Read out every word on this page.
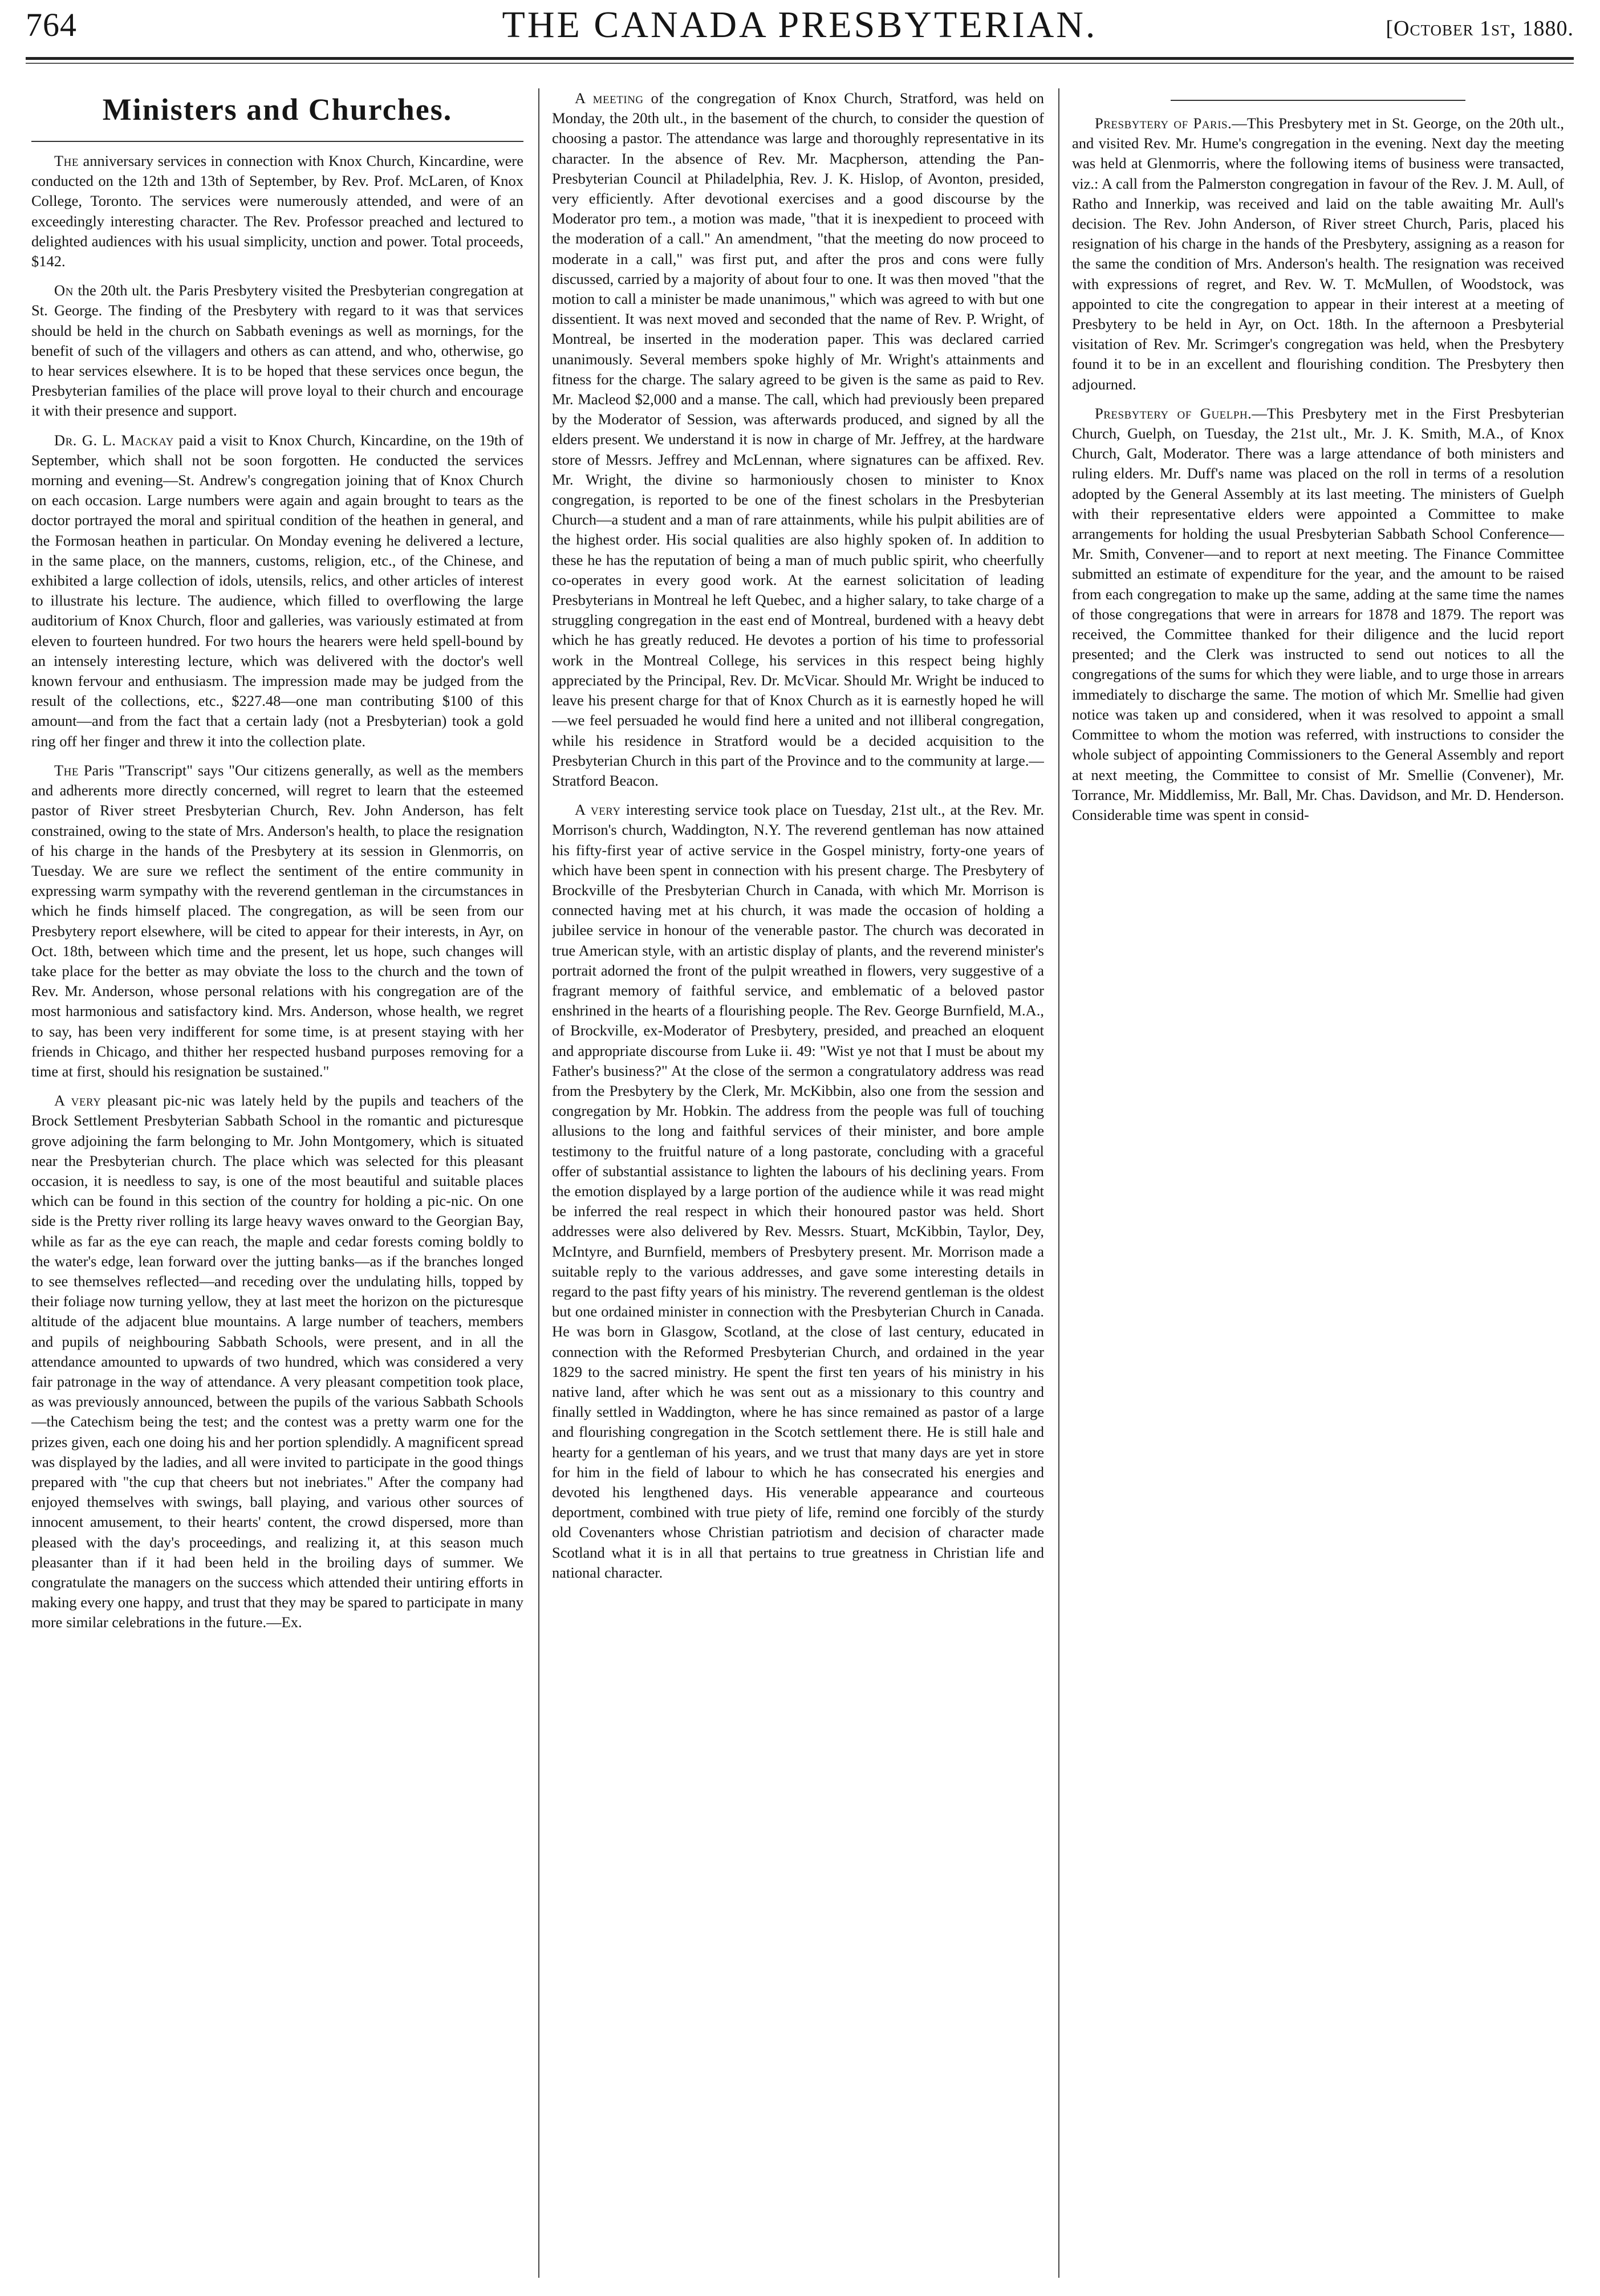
764	THE CANADA PRESBYTERIAN.	[October 1st, 1880.
Ministers and Churches.

The anniversary services in connection with Knox Church, Kincardine, were conducted on the 12th and 13th of September, by Rev. Prof. McLaren, of Knox College, Toronto. The services were numerously attended, and were of an exceedingly interesting character. The Rev. Professor preached and lectured to delighted audiences with his usual simplicity, unction and power. Total proceeds, $142.

On the 20th ult. the Paris Presbytery visited the Presbyterian congregation at St. George. The finding of the Presbytery with regard to it was that services should be held in the church on Sabbath evenings as well as mornings, for the benefit of such of the villagers and others as can attend, and who, otherwise, go to hear services elsewhere. It is to be hoped that these services once begun, the Presbyterian families of the place will prove loyal to their church and encourage it with their presence and support.

Dr. G. L. Mackay paid a visit to Knox Church, Kincardine, on the 19th of September, which shall not be soon forgotten. He conducted the services morning and evening—St. Andrew's congregation joining that of Knox Church on each occasion. Large numbers were again and again brought to tears as the doctor portrayed the moral and spiritual condition of the heathen in general, and the Formosan heathen in particular. On Monday evening he delivered a lecture, in the same place, on the manners, customs, religion, etc., of the Chinese, and exhibited a large collection of idols, utensils, relics, and other articles of interest to illustrate his lecture. The audience, which filled to overflowing the large auditorium of Knox Church, floor and galleries, was variously estimated at from eleven to fourteen hundred. For two hours the hearers were held spell-bound by an intensely interesting lecture, which was delivered with the doctor's well known fervour and enthusiasm. The impression made may be judged from the result of the collections, etc., $227.48—one man contributing $100 of this amount—and from the fact that a certain lady (not a Presbyterian) took a gold ring off her finger and threw it into the collection plate.

The Paris "Transcript" says "Our citizens generally, as well as the members and adherents more directly concerned, will regret to learn that the esteemed pastor of River street Presbyterian Church, Rev. John Anderson, has felt constrained, owing to the state of Mrs. Anderson's health, to place the resignation of his charge in the hands of the Presbytery at its session in Glenmorris, on Tuesday. We are sure we reflect the sentiment of the entire community in expressing warm sympathy with the reverend gentleman in the circumstances in which he finds himself placed. The congregation, as will be seen from our Presbytery report elsewhere, will be cited to appear for their interests, in Ayr, on Oct. 18th, between which time and the present, let us hope, such changes will take place for the better as may obviate the loss to the church and the town of Rev. Mr. Anderson, whose personal relations with his congregation are of the most harmonious and satisfactory kind. Mrs. Anderson, whose health, we regret to say, has been very indifferent for some time, is at present staying with her friends in Chicago, and thither her respected husband purposes removing for a time at first, should his resignation be sustained."

A very pleasant pic-nic was lately held by the pupils and teachers of the Brock Settlement Presbyterian Sabbath School in the romantic and picturesque grove adjoining the farm belonging to Mr. John Montgomery, which is situated near the Presbyterian church. The place which was selected for this pleasant occasion, it is needless to say, is one of the most beautiful and suitable places which can be found in this section of the country for holding a pic-nic. On one side is the Pretty river rolling its large heavy waves onward to the Georgian Bay, while as far as the eye can reach, the maple and cedar forests coming boldly to the water's edge, lean forward over the jutting banks—as if the branches longed to see themselves reflected—and receding over the undulating hills, topped by their foliage now turning yellow, they at last meet the horizon on the picturesque altitude of the adjacent blue mountains. A large number of teachers, members and pupils of neighbouring Sabbath Schools, were present, and in all the attendance amounted to upwards of two hundred, which was considered a very fair patronage in the way of attendance. A very pleasant competition took place, as was previously announced, between the pupils of the various Sabbath Schools—the Catechism being the test; and the contest was a pretty warm one for the prizes given, each one doing his and her portion splendidly. A magnificent spread was displayed by the ladies, and all were invited to participate in the good things prepared with "the cup that cheers but not inebriates." After the company had enjoyed themselves with swings, ball playing, and various other sources of innocent amusement, to their hearts' content, the crowd dispersed, more than pleased with the day's proceedings, and realizing it, at this season much pleasanter than if it had been held in the broiling days of summer. We congratulate the managers on the success which attended their untiring efforts in making every one happy, and trust that they may be spared to participate in many more similar celebrations in the future.—Ex.

A meeting of the congregation of Knox Church, Stratford, was held on Monday, the 20th ult., in the basement of the church, to consider the question of choosing a pastor. The attendance was large and thoroughly representative in its character. In the absence of Rev. Mr. Macpherson, attending the Pan-Presbyterian Council at Philadelphia, Rev. J. K. Hislop, of Avonton, presided, very efficiently. After devotional exercises and a good discourse by the Moderator pro tem., a motion was made, "that it is inexpedient to proceed with the moderation of a call." An amendment, "that the meeting do now proceed to moderate in a call," was first put, and after the pros and cons were fully discussed, carried by a majority of about four to one. It was then moved "that the motion to call a minister be made unanimous," which was agreed to with but one dissentient. It was next moved and seconded that the name of Rev. P. Wright, of Montreal, be inserted in the moderation paper. This was declared carried unanimously. Several members spoke highly of Mr. Wright's attainments and fitness for the charge. The salary agreed to be given is the same as paid to Rev. Mr. Macleod $2,000 and a manse. The call, which had previously been prepared by the Moderator of Session, was afterwards produced, and signed by all the elders present. We understand it is now in charge of Mr. Jeffrey, at the hardware store of Messrs. Jeffrey and McLennan, where signatures can be affixed. Rev. Mr. Wright, the divine so harmoniously chosen to minister to Knox congregation, is reported to be one of the finest scholars in the Presbyterian Church—a student and a man of rare attainments, while his pulpit abilities are of the highest order. His social qualities are also highly spoken of. In addition to these he has the reputation of being a man of much public spirit, who cheerfully co-operates in every good work. At the earnest solicitation of leading Presbyterians in Montreal he left Quebec, and a higher salary, to take charge of a struggling congregation in the east end of Montreal, burdened with a heavy debt which he has greatly reduced. He devotes a portion of his time to professorial work in the Montreal College, his services in this respect being highly appreciated by the Principal, Rev. Dr. McVicar. Should Mr. Wright be induced to leave his present charge for that of Knox Church as it is earnestly hoped he will—we feel persuaded he would find here a united and not illiberal congregation, while his residence in Stratford would be a decided acquisition to the Presbyterian Church in this part of the Province and to the community at large.—Stratford Beacon.

A very interesting service took place on Tuesday, 21st ult., at the Rev. Mr. Morrison's church, Waddington, N.Y. The reverend gentleman has now attained his fifty-first year of active service in the Gospel ministry, forty-one years of which have been spent in connection with his present charge. The Presbytery of Brockville of the Presbyterian Church in Canada, with which Mr. Morrison is connected having met at his church, it was made the occasion of holding a jubilee service in honour of the venerable pastor. The church was decorated in true American style, with an artistic display of plants, and the reverend minister's portrait adorned the front of the pulpit wreathed in flowers, very suggestive of a fragrant memory of faithful service, and emblematic of a beloved pastor enshrined in the hearts of a flourishing people. The Rev. George Burnfield, M.A., of Brockville, ex-Moderator of Presbytery, presided, and preached an eloquent and appropriate discourse from Luke ii. 49: "Wist ye not that I must be about my Father's business?" At the close of the sermon a congratulatory address was read from the Presbytery by the Clerk, Mr. McKibbin, also one from the session and congregation by Mr. Hobkin. The address from the people was full of touching allusions to the long and faithful services of their minister, and bore ample testimony to the fruitful nature of a long pastorate, concluding with a graceful offer of substantial assistance to lighten the labours of his declining years. From the emotion displayed by a large portion of the audience while it was read might be inferred the real respect in which their honoured pastor was held. Short addresses were also delivered by Rev. Messrs. Stuart, McKibbin, Taylor, Dey, McIntyre, and Burnfield, members of Presbytery present. Mr. Morrison made a suitable reply to the various addresses, and gave some interesting details in regard to the past fifty years of his ministry. The reverend gentleman is the oldest but one ordained minister in connection with the Presbyterian Church in Canada. He was born in Glasgow, Scotland, at the close of last century, educated in connection with the Reformed Presbyterian Church, and ordained in the year 1829 to the sacred ministry. He spent the first ten years of his ministry in his native land, after which he was sent out as a missionary to this country and finally settled in Waddington, where he has since remained as pastor of a large and flourishing congregation in the Scotch settlement there. He is still hale and hearty for a gentleman of his years, and we trust that many days are yet in store for him in the field of labour to which he has consecrated his energies and devoted his lengthened days. His venerable appearance and courteous deportment, combined with true piety of life, remind one forcibly of the sturdy old Covenanters whose Christian patriotism and decision of character made Scotland what it is in all that pertains to true greatness in Christian life and national character.

Presbytery of Paris.—This Presbytery met in St. George, on the 20th ult., and visited Rev. Mr. Hume's congregation in the evening. Next day the meeting was held at Glenmorris, where the following items of business were transacted, viz.: A call from the Palmerston congregation in favour of the Rev. J. M. Aull, of Ratho and Innerkip, was received and laid on the table awaiting Mr. Aull's decision. The Rev. John Anderson, of River street Church, Paris, placed his resignation of his charge in the hands of the Presbytery, assigning as a reason for the same the condition of Mrs. Anderson's health. The resignation was received with expressions of regret, and Rev. W. T. McMullen, of Woodstock, was appointed to cite the congregation to appear in their interest at a meeting of Presbytery to be held in Ayr, on Oct. 18th. In the afternoon a Presbyterial visitation of Rev. Mr. Scrimger's congregation was held, when the Presbytery found it to be in an excellent and flourishing condition. The Presbytery then adjourned.

Presbytery of Guelph.—This Presbytery met in the First Presbyterian Church, Guelph, on Tuesday, the 21st ult., Mr. J. K. Smith, M.A., of Knox Church, Galt, Moderator. There was a large attendance of both ministers and ruling elders. Mr. Duff's name was placed on the roll in terms of a resolution adopted by the General Assembly at its last meeting. The ministers of Guelph with their representative elders were appointed a Committee to make arrangements for holding the usual Presbyterian Sabbath School Conference—Mr. Smith, Convener—and to report at next meeting. The Finance Committee submitted an estimate of expenditure for the year, and the amount to be raised from each congregation to make up the same, adding at the same time the names of those congregations that were in arrears for 1878 and 1879. The report was received, the Committee thanked for their diligence and the lucid report presented; and the Clerk was instructed to send out notices to all the congregations of the sums for which they were liable, and to urge those in arrears immediately to discharge the same. The motion of which Mr. Smellie had given notice was taken up and considered, when it was resolved to appoint a small Committee to whom the motion was referred, with instructions to consider the whole subject of appointing Commissioners to the General Assembly and report at next meeting, the Committee to consist of Mr. Smellie (Convener), Mr. Torrance, Mr. Middlemiss, Mr. Ball, Mr. Chas. Davidson, and Mr. D. Henderson. Considerable time was spent in consid-
